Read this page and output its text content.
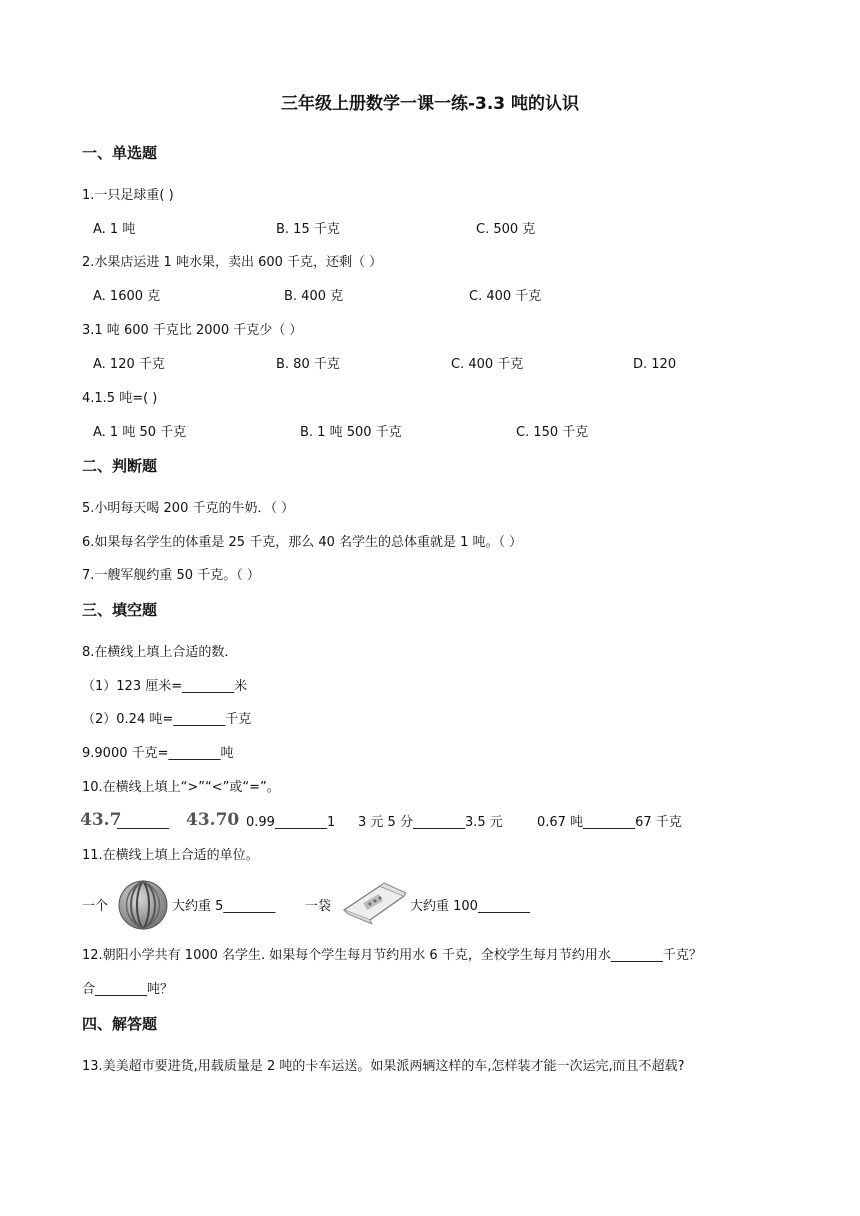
三年级上册数学一课一练-3.3 吨的认识
一、单选题
1.一只足球重( )
A. 1 吨	B. 15 千克	C. 500 克
2.水果店运进 1 吨水果，卖出 600 千克，还剩（ ）
A. 1600 克	B. 400 克	C. 400 千克
3.1 吨 600 千克比 2000 千克少（ ）
A. 120 千克	B. 80 千克	C. 400 千克	D. 120
4.1.5 吨=( )
A. 1 吨 50 千克	B. 1 吨 500 千克	C. 150 千克
二、判断题
5.小明每天喝 200 千克的牛奶．（ ）
6.如果每名学生的体重是 25 千克，那么 40 名学生的总体重就是 1 吨。（ ）
7.一艘军舰约重 50 千克。（ ）
三、填空题
8.在横线上填上合适的数．
（1）123 厘米=________米
（2）0.24 吨=________千克
9.9000 千克=________吨
10.在横线上填上“>”“<”或“=”。
43.7
________ 43.70 0.99________1 3 元 5 分________3.5 元	0.67 吨________67 千克
11.在横线上填上合适的单位。
一个	大约重 5________ 一袋	大约重 100________
12.朝阳小学共有 1000 名学生. 如果每个学生每月节约用水 6 千克，全校学生每月节约用水________千克？
合________吨？
四、解答题
13.美美超市要进货,用载质量是 2 吨的卡车运送。如果派两辆这样的车,怎样装才能一次运完,而且不超载?
